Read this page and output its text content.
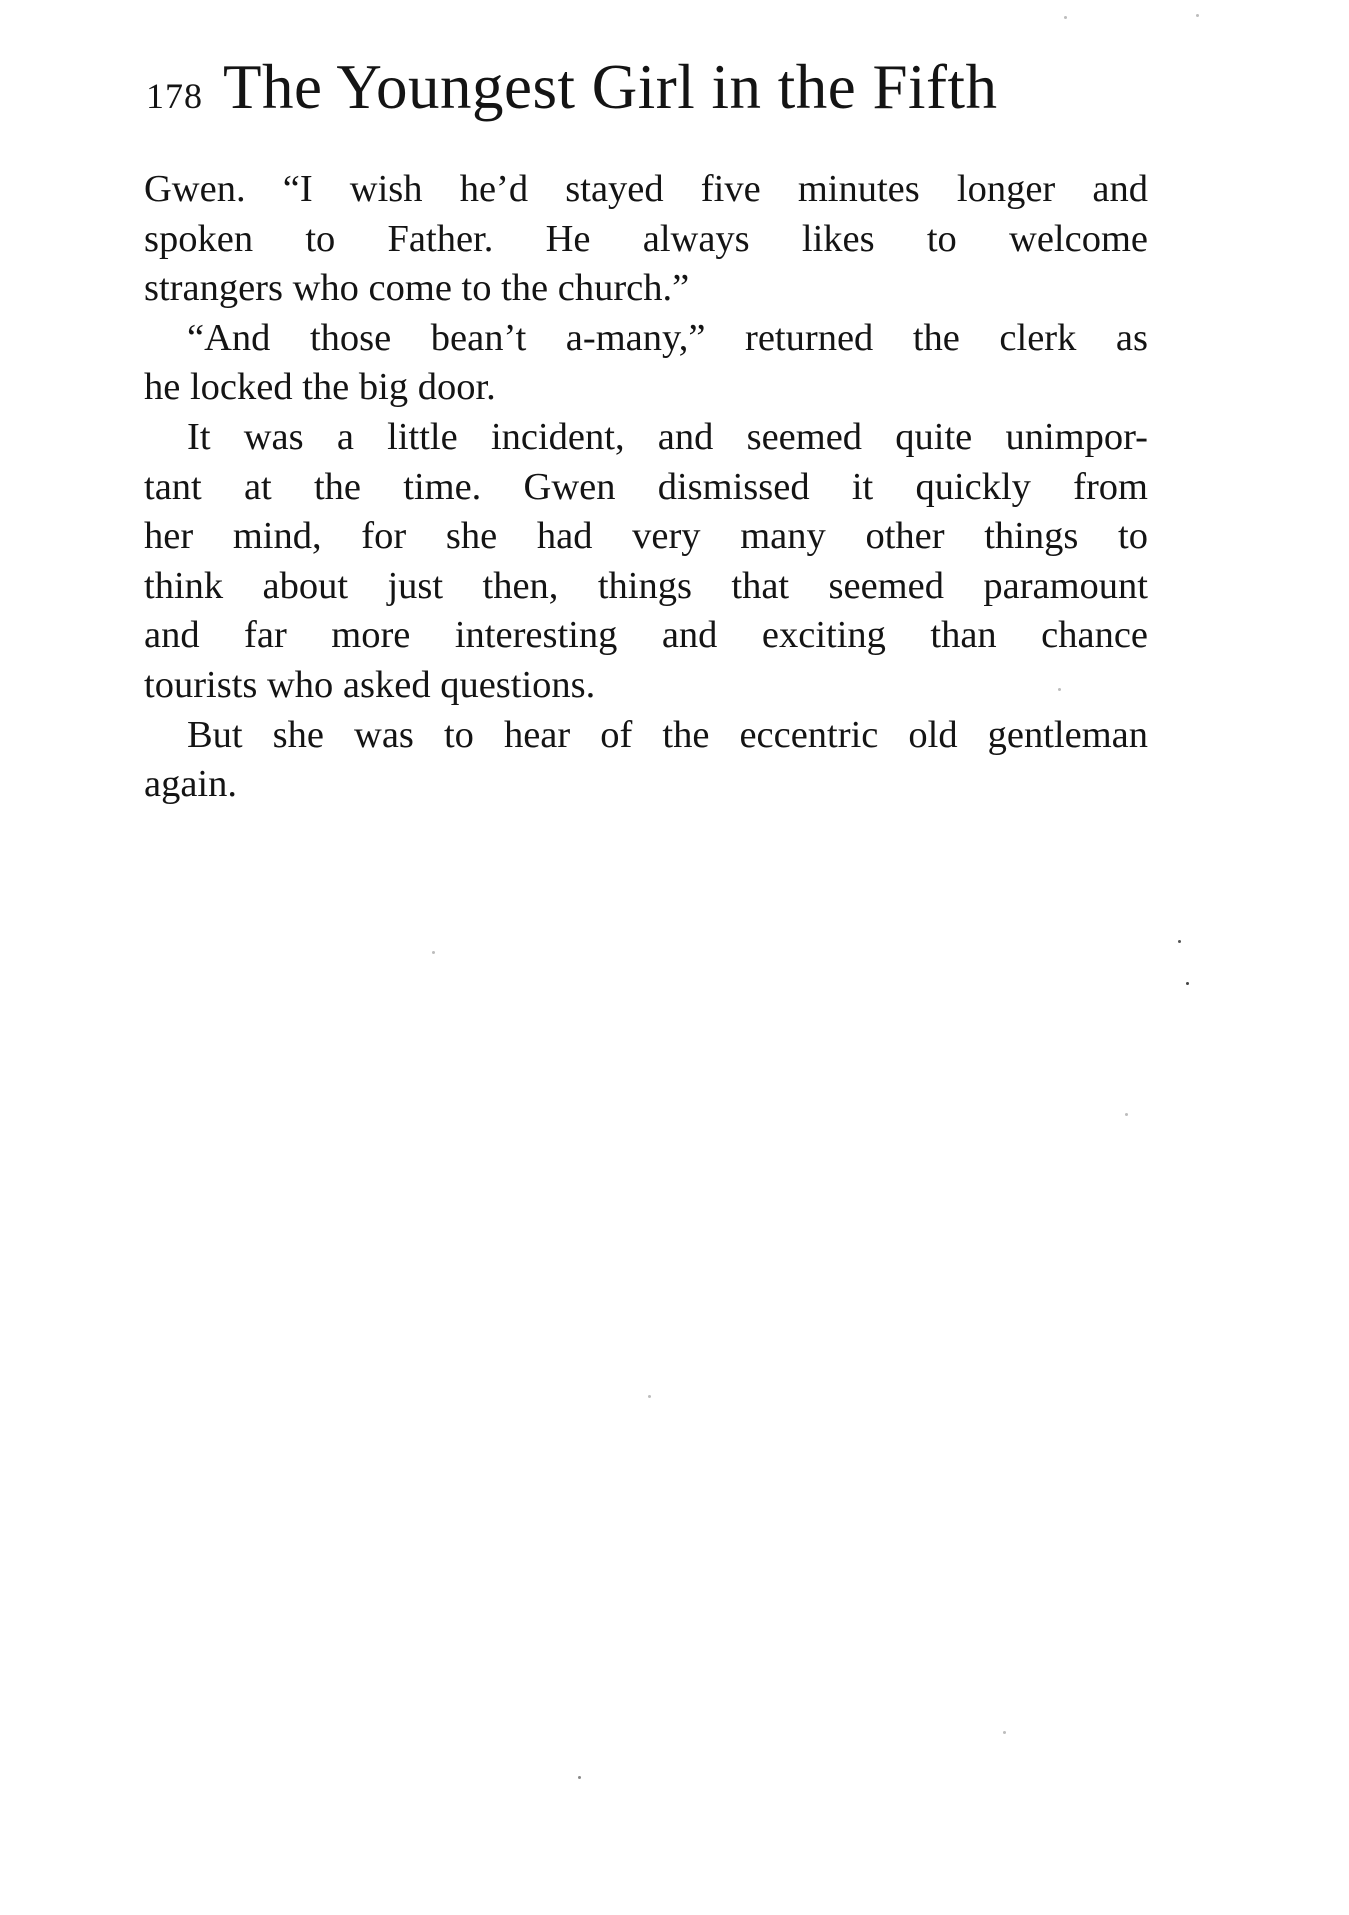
178 The Youngest Girl in the Fifth

Gwen. “I wish he’d stayed five minutes longer and

spoken to Father. He always likes to welcome

strangers who come to the church.”

“And those bean’t a-many,” returned the clerk as

he locked the big door.

It was a little incident, and seemed quite unimpor-

tant at the time. Gwen dismissed it quickly from

her mind, for she had very many other things to

think about just then, things that seemed paramount

and far more interesting and exciting than chance

tourists who asked questions.

But she was to hear of the eccentric old gentleman

again.
